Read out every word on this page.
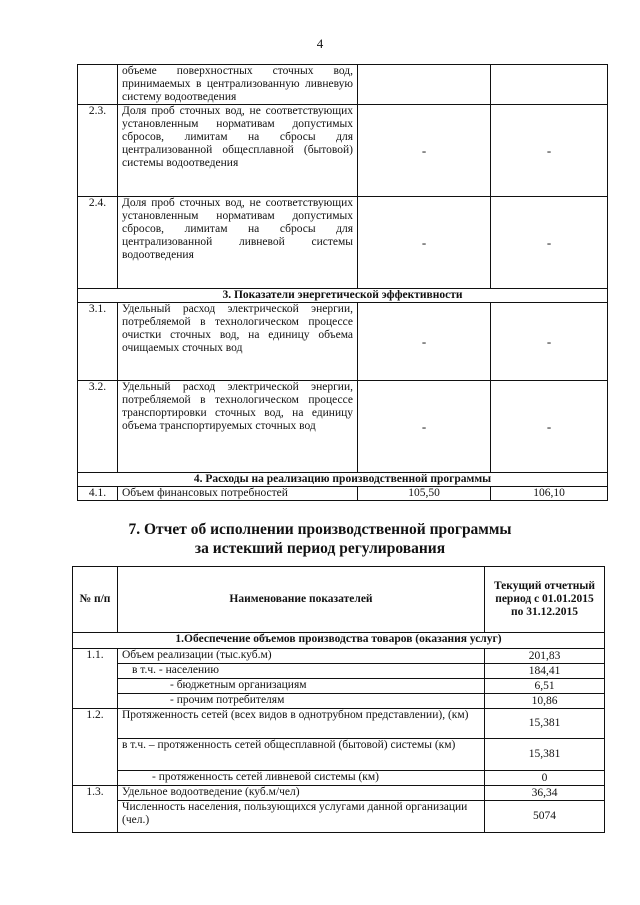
4
	объеме поверхностных сточных вод, принимаемых в централизованную ливневую систему водоотведения		
2.3.	Доля проб сточных вод, не соответствующих установленным нормативам допустимых сбросов, лимитам на сбросы для централизованной общесплавной (бытовой) системы водоотведения	-	-
2.4.	Доля проб сточных вод, не соответствующих установленным нормативам допустимых сбросов, лимитам на сбросы для централизованной ливневой системы водоотведения	-	-
3. Показатели энергетической эффективности			
3.1.	Удельный расход электрической энергии, потребляемой в технологическом процессе очистки сточных вод, на единицу объема очищаемых сточных вод	-	-
3.2.	Удельный расход электрической энергии, потребляемой в технологическом процессе транспортировки сточных вод, на единицу объема транспортируемых сточных вод	-	-
4. Расходы на реализацию производственной программы			
4.1.	Объем финансовых потребностей	105,50	106,10
7. Отчет об исполнении производственной программы
за истекший период регулирования
№ п/п	Наименование показателей	Текущий отчетный период с 01.01.2015 по 31.12.2015
1.Обеспечение объемов производства товаров (оказания услуг)		
1.1.	Объем реализации (тыс.куб.м)	201,83
	в т.ч. - населению	184,41
	- бюджетным организациям	6,51
	- прочим потребителям	10,86
1.2.	Протяженность сетей (всех видов в однотрубном представлении), (км)	15,381
	в т.ч. – протяженность сетей общесплавной (бытовой) системы (км)	15,381
	- протяженность сетей ливневой системы (км)	0
1.3.	Удельное водоотведение (куб.м/чел)	36,34
	Численность населения, пользующихся услугами данной организации (чел.)	5074
